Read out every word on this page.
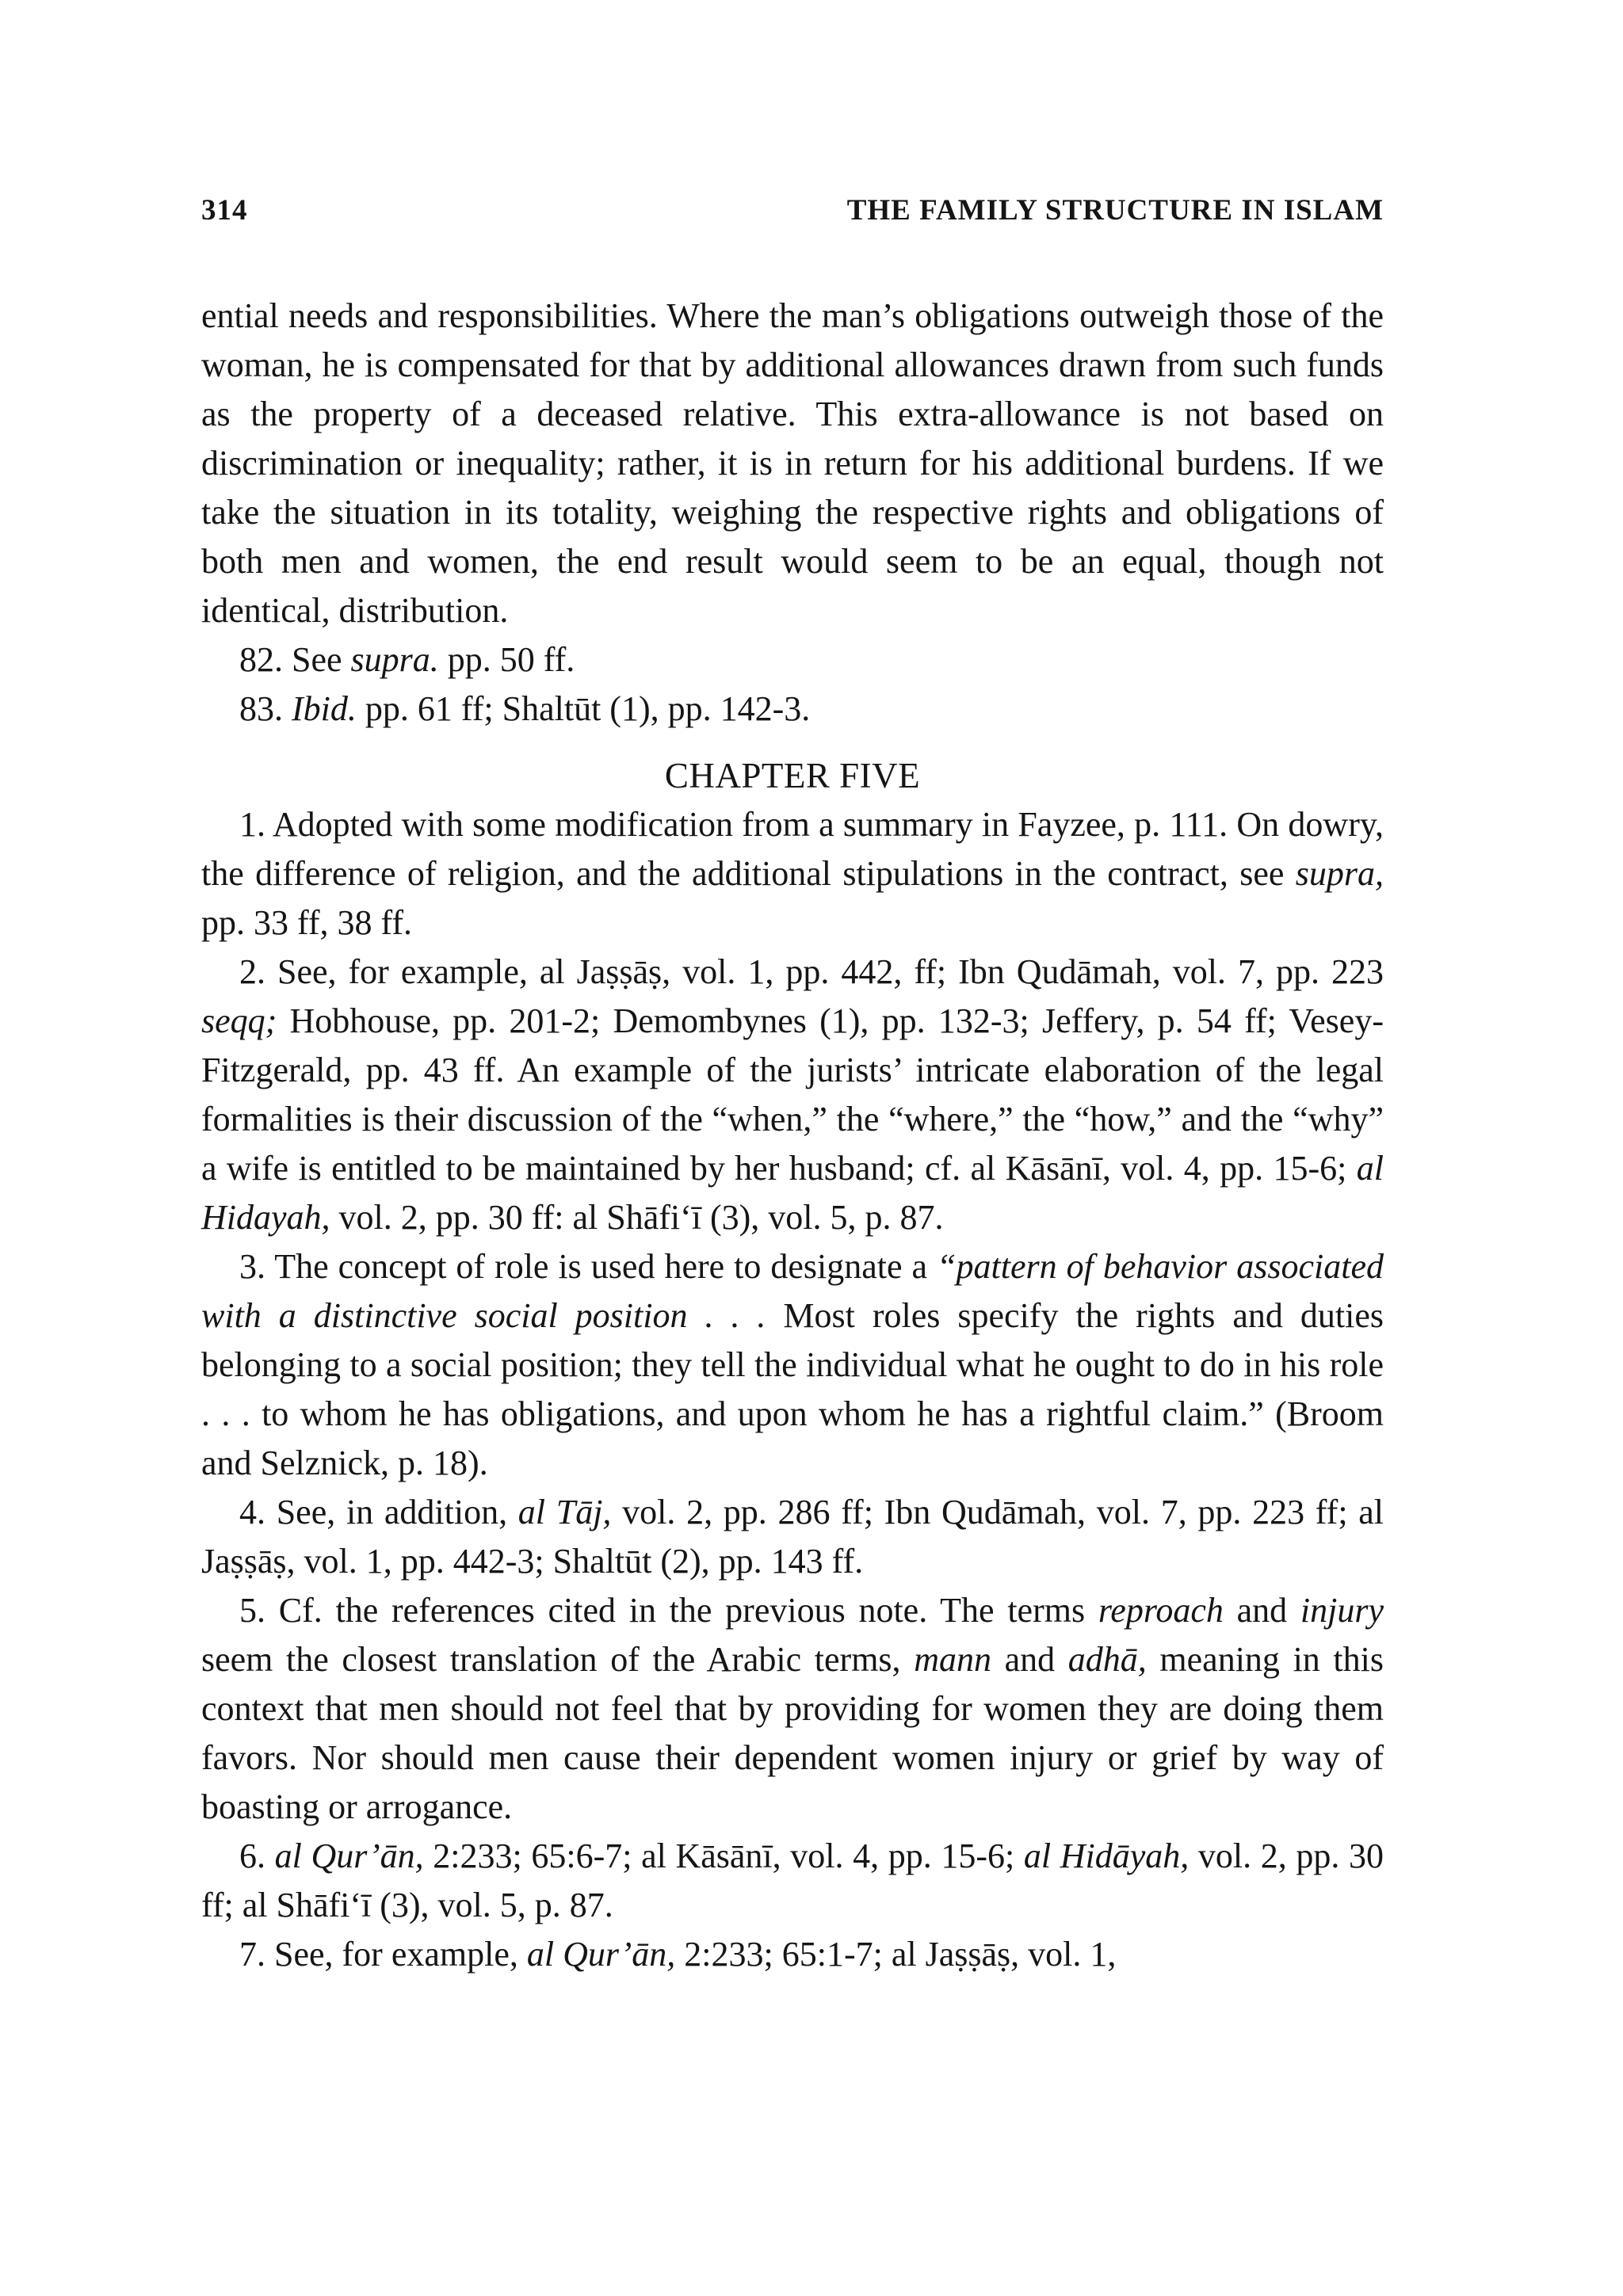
314	THE FAMILY STRUCTURE IN ISLAM

ential needs and responsibilities. Where the man’s obligations outweigh those of the woman, he is compensated for that by additional allowances drawn from such funds as the property of a deceased relative. This extra-allowance is not based on discrimination or inequality; rather, it is in return for his additional burdens. If we take the situation in its totality, weighing the respective rights and obligations of both men and women, the end result would seem to be an equal, though not identical, distribution.

82. See supra. pp. 50 ff.

83. Ibid. pp. 61 ff; Shaltūt (1), pp. 142-3.

CHAPTER FIVE

1. Adopted with some modification from a summary in Fayzee, p. 111. On dowry, the difference of religion, and the additional stipulations in the contract, see supra, pp. 33 ff, 38 ff.

2. See, for example, al Jaṣṣāṣ, vol. 1, pp. 442, ff; Ibn Qudāmah, vol. 7, pp. 223 seqq; Hobhouse, pp. 201-2; Demombynes (1), pp. 132-3; Jeffery, p. 54 ff; Vesey-Fitzgerald, pp. 43 ff. An example of the jurists’ intricate elaboration of the legal formalities is their discussion of the “when,” the “where,” the “how,” and the “why” a wife is entitled to be maintained by her husband; cf. al Kāsānī, vol. 4, pp. 15-6; al Hidayah, vol. 2, pp. 30 ff: al Shāfi‘ī (3), vol. 5, p. 87.

3. The concept of role is used here to designate a “pattern of behavior associated with a distinctive social position . . . Most roles specify the rights and duties belonging to a social position; they tell the individual what he ought to do in his role . . . to whom he has obligations, and upon whom he has a rightful claim.” (Broom and Selznick, p. 18).

4. See, in addition, al Tāj, vol. 2, pp. 286 ff; Ibn Qudāmah, vol. 7, pp. 223 ff; al Jaṣṣāṣ, vol. 1, pp. 442-3; Shaltūt (2), pp. 143 ff.

5. Cf. the references cited in the previous note. The terms reproach and injury seem the closest translation of the Arabic terms, mann and adhā, meaning in this context that men should not feel that by providing for women they are doing them favors. Nor should men cause their dependent women injury or grief by way of boasting or arrogance.

6. al Qur’ān, 2:233; 65:6-7; al Kāsānī, vol. 4, pp. 15-6; al Hidāyah, vol. 2, pp. 30 ff; al Shāfi‘ī (3), vol. 5, p. 87.

7. See, for example, al Qur’ān, 2:233; 65:1-7; al Jaṣṣāṣ, vol. 1,
